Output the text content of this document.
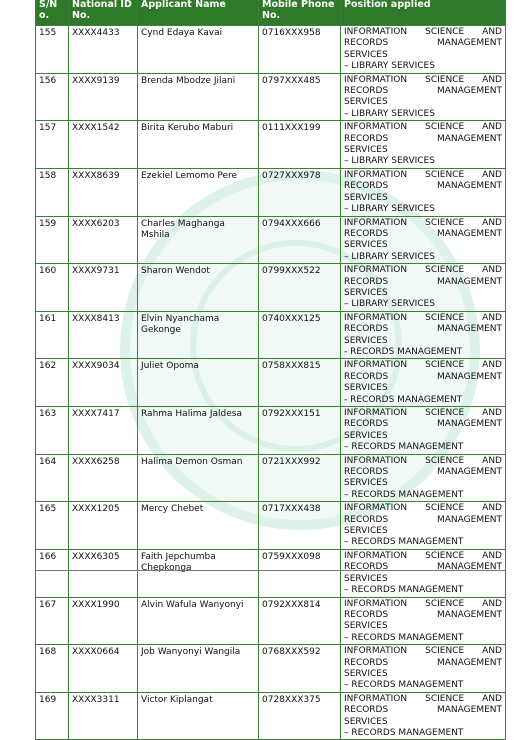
S/N o.	National ID No.	Applicant Name	Mobile Phone No.	Position applied
155	XXXX4433	Cynd Edaya Kavai	0716XXX958	INFORMATION SCIENCE AND
RECORDS MANAGEMENT SERVICES
– LIBRARY SERVICES

156	XXXX9139	Brenda Mbodze Jilani	0797XXX485	INFORMATION SCIENCE AND
RECORDS MANAGEMENT SERVICES
– LIBRARY SERVICES

157	XXXX1542	Birita Kerubo Maburi	0111XXX199	INFORMATION SCIENCE AND
RECORDS MANAGEMENT SERVICES
– LIBRARY SERVICES

158	XXXX8639	Ezekiel Lemomo Pere	0727XXX978	INFORMATION SCIENCE AND
RECORDS MANAGEMENT SERVICES
– LIBRARY SERVICES

159	XXXX6203	Charles Maghanga Mshila	0794XXX666	INFORMATION SCIENCE AND
RECORDS MANAGEMENT SERVICES
– LIBRARY SERVICES

160	XXXX9731	Sharon Wendot	0799XXX522	INFORMATION SCIENCE AND
RECORDS MANAGEMENT SERVICES
– LIBRARY SERVICES

161	XXXX8413	Elvin Nyanchama Gekonge	0740XXX125	INFORMATION SCIENCE AND
RECORDS MANAGEMENT SERVICES
- RECORDS MANAGEMENT

162	XXXX9034	Juliet Opoma	0758XXX815	INFORMATION SCIENCE AND
RECORDS MANAGEMENT SERVICES
- RECORDS MANAGEMENT

163	XXXX7417	Rahma Halima Jaldesa	0792XXX151	INFORMATION SCIENCE AND
RECORDS MANAGEMENT SERVICES
– RECORDS MANAGEMENT

164	XXXX6258	Halima Demon Osman	0721XXX992	INFORMATION SCIENCE AND
RECORDS MANAGEMENT SERVICES
– RECORDS MANAGEMENT

165	XXXX1205	Mercy Chebet	0717XXX438	INFORMATION SCIENCE AND
RECORDS MANAGEMENT SERVICES
– RECORDS MANAGEMENT

166	XXXX6305	Faith Jepchumba Chepkonga	0759XXX098	INFORMATION SCIENCE AND
RECORDS MANAGEMENT SERVICES
– RECORDS MANAGEMENT

167	XXXX1990	Alvin Wafula Wanyonyi	0792XXX814	INFORMATION SCIENCE AND
RECORDS MANAGEMENT SERVICES
– RECORDS MANAGEMENT

168	XXXX0664	Job Wanyonyi Wangila	0768XXX592	INFORMATION SCIENCE AND
RECORDS MANAGEMENT SERVICES
– RECORDS MANAGEMENT

169	XXXX3311	Victor Kiplangat	0728XXX375	INFORMATION SCIENCE AND
RECORDS MANAGEMENT SERVICES
– RECORDS MANAGEMENT
